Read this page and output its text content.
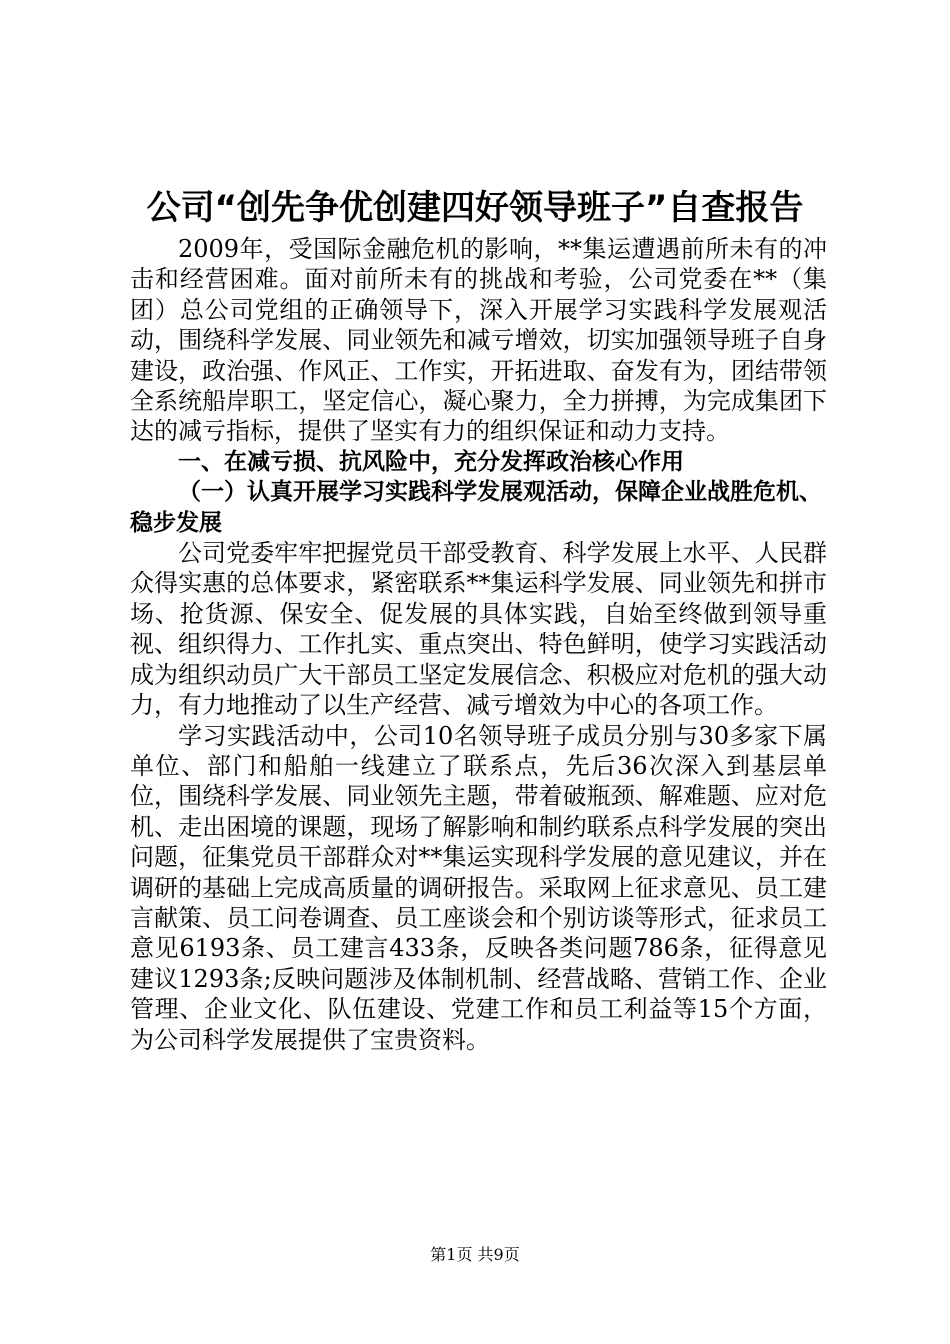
公司“创先争优创建四好领导班子”自查报告

2009年，受国际金融危机的影响，**集运遭遇前所未有的冲击和经营困难。面对前所未有的挑战和考验，公司党委在**（集团）总公司党组的正确领导下，深入开展学习实践科学发展观活动，围绕科学发展、同业领先和减亏增效，切实加强领导班子自身建设，政治强、作风正、工作实，开拓进取、奋发有为，团结带领全系统船岸职工，坚定信心，凝心聚力，全力拼搏，为完成集团下达的减亏指标，提供了坚实有力的组织保证和动力支持。

一、在减亏损、抗风险中，充分发挥政治核心作用

（一）认真开展学习实践科学发展观活动，保障企业战胜危机、稳步发展

公司党委牢牢把握党员干部受教育、科学发展上水平、人民群众得实惠的总体要求，紧密联系**集运科学发展、同业领先和拼市场、抢货源、保安全、促发展的具体实践，自始至终做到领导重视、组织得力、工作扎实、重点突出、特色鲜明，使学习实践活动成为组织动员广大干部员工坚定发展信念、积极应对危机的强大动力，有力地推动了以生产经营、减亏增效为中心的各项工作。

学习实践活动中，公司10名领导班子成员分别与30多家下属单位、部门和船舶一线建立了联系点，先后36次深入到基层单位，围绕科学发展、同业领先主题，带着破瓶颈、解难题、应对危机、走出困境的课题，现场了解影响和制约联系点科学发展的突出问题，征集党员干部群众对**集运实现科学发展的意见建议，并在调研的基础上完成高质量的调研报告。采取网上征求意见、员工建言献策、员工问卷调查、员工座谈会和个别访谈等形式，征求员工意见6193条、员工建言433条，反映各类问题786条，征得意见建议1293条;反映问题涉及体制机制、经营战略、营销工作、企业管理、企业文化、队伍建设、党建工作和员工利益等15个方面，为公司科学发展提供了宝贵资料。

第1页 共9页
